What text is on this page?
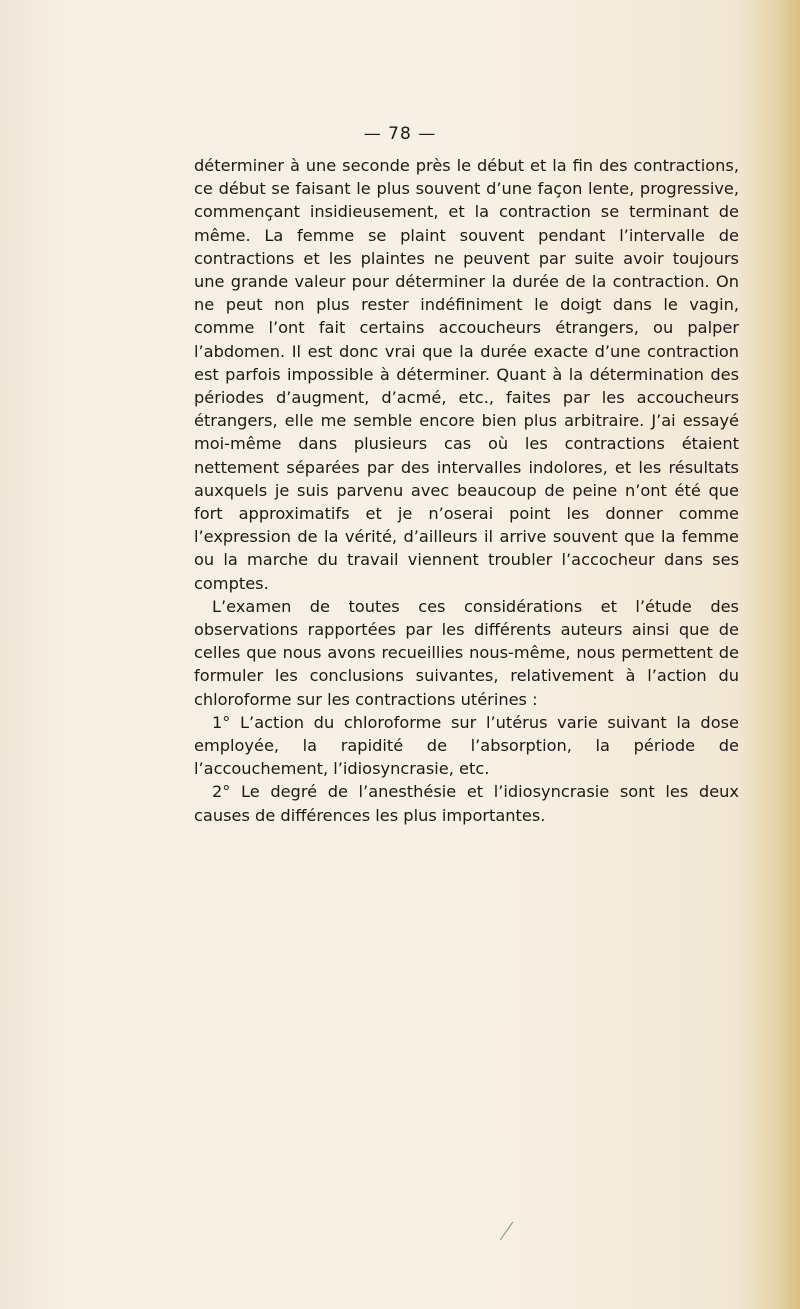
— 78 —

déterminer à une seconde près le début et la fin des contractions, ce début se faisant le plus souvent d’une façon lente, progressive, commençant insidieusement, et la contraction se terminant de même. La femme se plaint souvent pendant l’intervalle de contractions et les plaintes ne peuvent par suite avoir toujours une grande valeur pour déterminer la durée de la contraction. On ne peut non plus rester indéfiniment le doigt dans le vagin, comme l’ont fait certains accoucheurs étrangers, ou palper l’abdomen. Il est donc vrai que la durée exacte d’une contraction est parfois impossible à déterminer. Quant à la détermination des périodes d’augment, d’acmé, etc., faites par les accoucheurs étrangers, elle me semble encore bien plus arbitraire. J’ai essayé moi-même dans plusieurs cas où les contractions étaient nettement séparées par des intervalles indolores, et les résultats auxquels je suis parvenu avec beaucoup de peine n’ont été que fort approximatifs et je n’oserai point les donner comme l’expression de la vérité, d’ailleurs il arrive souvent que la femme ou la marche du travail viennent troubler l’accocheur dans ses comptes.

L’examen de toutes ces considérations et l’étude des observations rapportées par les différents auteurs ainsi que de celles que nous avons recueillies nous-même, nous permettent de formuler les conclusions suivantes, relativement à l’action du chloroforme sur les contractions utérines :

1° L’action du chloroforme sur l’utérus varie suivant la dose employée, la rapidité de l’absorption, la période de l’accouchement, l’idiosyncrasie, etc.

2° Le degré de l’anesthésie et l’idiosyncrasie sont les deux causes de différences les plus importantes.
